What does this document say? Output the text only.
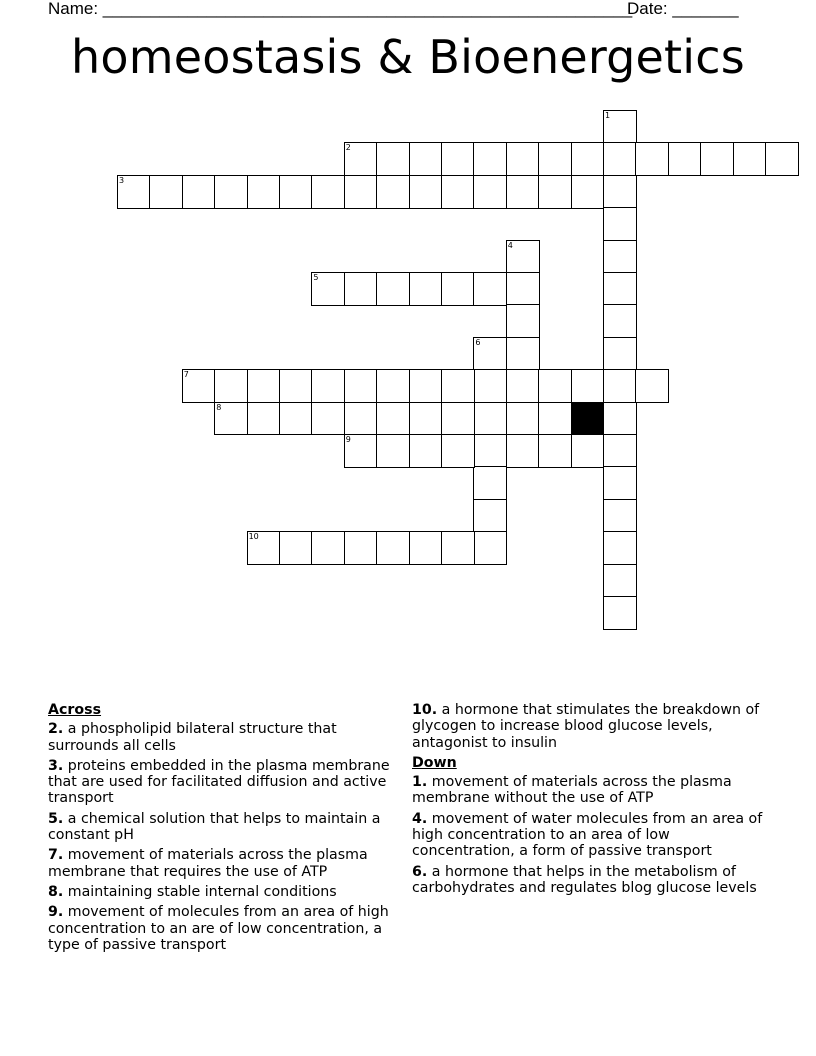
Name: ________________________________________________________
Date: _______
homeostasis & Bioenergetics
1
2
3
4
5
6
7
8
9
10
Across
2. a phospholipid bilateral structure that surrounds all cells
3. proteins embedded in the plasma membrane that are used for facilitated diffusion and active transport
5. a chemical solution that helps to maintain a constant pH
7. movement of materials across the plasma membrane that requires the use of ATP
8. maintaining stable internal conditions
9. movement of molecules from an area of high concentration to an are of low concentration, a type of passive transport
10. a hormone that stimulates the breakdown of glycogen to increase blood glucose levels, antagonist to insulin
Down
1. movement of materials across the plasma membrane without the use of ATP
4. movement of water molecules from an area of high concentration to an area of low concentration, a form of passive transport
6. a hormone that helps in the metabolism of carbohydrates and regulates blog glucose levels
